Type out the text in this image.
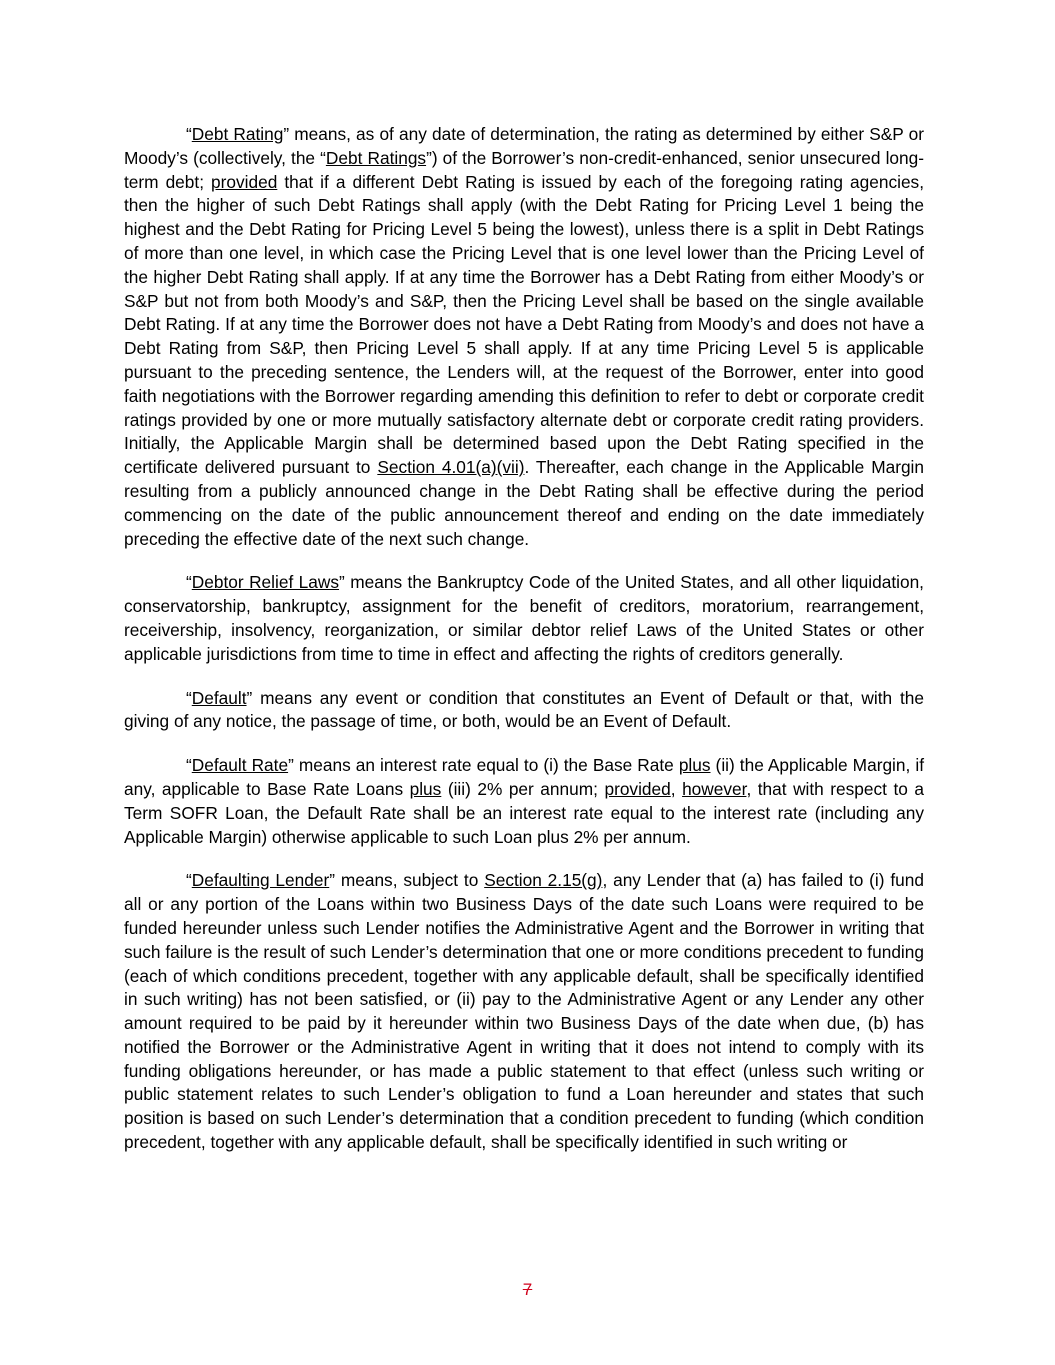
“Debt Rating” means, as of any date of determination, the rating as determined by either S&P or Moody’s (collectively, the “Debt Ratings”) of the Borrower’s non-credit-enhanced, senior unsecured long-term debt; provided that if a different Debt Rating is issued by each of the foregoing rating agencies, then the higher of such Debt Ratings shall apply (with the Debt Rating for Pricing Level 1 being the highest and the Debt Rating for Pricing Level 5 being the lowest), unless there is a split in Debt Ratings of more than one level, in which case the Pricing Level that is one level lower than the Pricing Level of the higher Debt Rating shall apply. If at any time the Borrower has a Debt Rating from either Moody’s or S&P but not from both Moody’s and S&P, then the Pricing Level shall be based on the single available Debt Rating. If at any time the Borrower does not have a Debt Rating from Moody’s and does not have a Debt Rating from S&P, then Pricing Level 5 shall apply. If at any time Pricing Level 5 is applicable pursuant to the preceding sentence, the Lenders will, at the request of the Borrower, enter into good faith negotiations with the Borrower regarding amending this definition to refer to debt or corporate credit ratings provided by one or more mutually satisfactory alternate debt or corporate credit rating providers. Initially, the Applicable Margin shall be determined based upon the Debt Rating specified in the certificate delivered pursuant to Section 4.01(a)(vii). Thereafter, each change in the Applicable Margin resulting from a publicly announced change in the Debt Rating shall be effective during the period commencing on the date of the public announcement thereof and ending on the date immediately preceding the effective date of the next such change.

“Debtor Relief Laws” means the Bankruptcy Code of the United States, and all other liquidation, conservatorship, bankruptcy, assignment for the benefit of creditors, moratorium, rearrangement, receivership, insolvency, reorganization, or similar debtor relief Laws of the United States or other applicable jurisdictions from time to time in effect and affecting the rights of creditors generally.

“Default” means any event or condition that constitutes an Event of Default or that, with the giving of any notice, the passage of time, or both, would be an Event of Default.

“Default Rate” means an interest rate equal to (i) the Base Rate plus (ii) the Applicable Margin, if any, applicable to Base Rate Loans plus (iii) 2% per annum; provided, however, that with respect to a Term SOFR Loan, the Default Rate shall be an interest rate equal to the interest rate (including any Applicable Margin) otherwise applicable to such Loan plus 2% per annum.

“Defaulting Lender” means, subject to Section 2.15(g), any Lender that (a) has failed to (i) fund all or any portion of the Loans within two Business Days of the date such Loans were required to be funded hereunder unless such Lender notifies the Administrative Agent and the Borrower in writing that such failure is the result of such Lender’s determination that one or more conditions precedent to funding (each of which conditions precedent, together with any applicable default, shall be specifically identified in such writing) has not been satisfied, or (ii) pay to the Administrative Agent or any Lender any other amount required to be paid by it hereunder within two Business Days of the date when due, (b) has notified the Borrower or the Administrative Agent in writing that it does not intend to comply with its funding obligations hereunder, or has made a public statement to that effect (unless such writing or public statement relates to such Lender’s obligation to fund a Loan hereunder and states that such position is based on such Lender’s determination that a condition precedent to funding (which condition precedent, together with any applicable default, shall be specifically identified in such writing or

7
